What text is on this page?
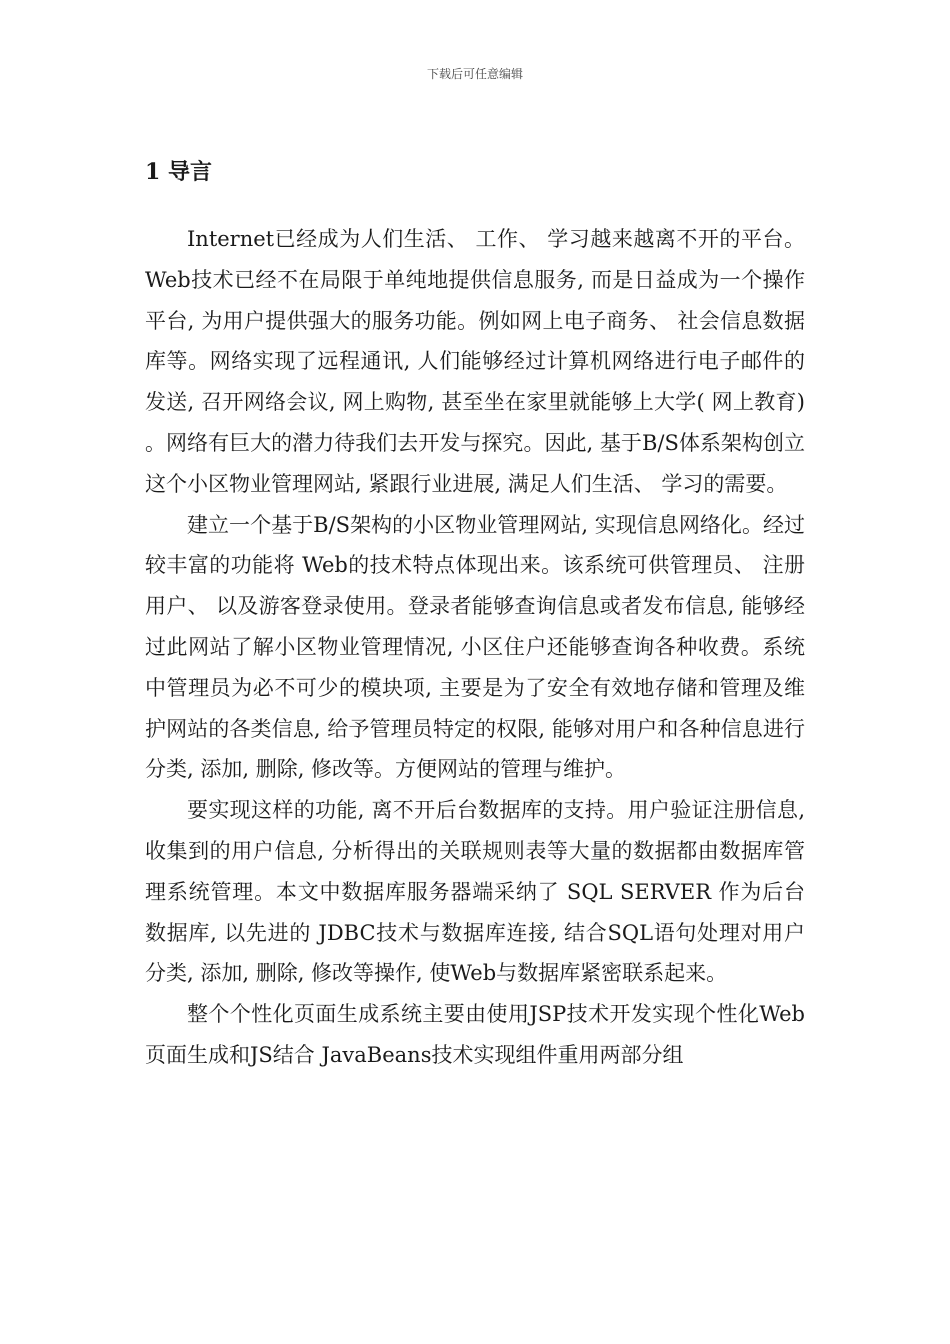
下载后可任意编辑
1 导言

Internet已经成为人们生活、 工作、 学习越来越离不开的平台。Web技术已经不在局限于单纯地提供信息服务, 而是日益成为一个操作平台, 为用户提供强大的服务功能。例如网上电子商务、 社会信息数据库等。网络实现了远程通讯, 人们能够经过计算机网络进行电子邮件的发送, 召开网络会议, 网上购物, 甚至坐在家里就能够上大学( 网上教育) 。网络有巨大的潜力待我们去开发与探究。因此, 基于B/S体系架构创立这个小区物业管理网站, 紧跟行业进展, 满足人们生活、 学习的需要。

建立一个基于B/S架构的小区物业管理网站, 实现信息网络化。经过较丰富的功能将 Web的技术特点体现出来。该系统可供管理员、 注册用户、 以及游客登录使用。登录者能够查询信息或者发布信息, 能够经过此网站了解小区物业管理情况, 小区住户还能够查询各种收费。系统中管理员为必不可少的模块项, 主要是为了安全有效地存储和管理及维护网站的各类信息, 给予管理员特定的权限, 能够对用户和各种信息进行分类, 添加, 删除, 修改等。方便网站的管理与维护。

要实现这样的功能, 离不开后台数据库的支持。用户验证注册信息, 收集到的用户信息, 分析得出的关联规则表等大量的数据都由数据库管理系统管理。本文中数据库服务器端采纳了 SQL SERVER 作为后台数据库, 以先进的 JDBC技术与数据库连接, 结合SQL语句处理对用户分类, 添加, 删除, 修改等操作, 使Web与数据库紧密联系起来。

整个个性化页面生成系统主要由使用JSP技术开发实现个性化Web页面生成和JS结合 JavaBeans技术实现组件重用两部分组
